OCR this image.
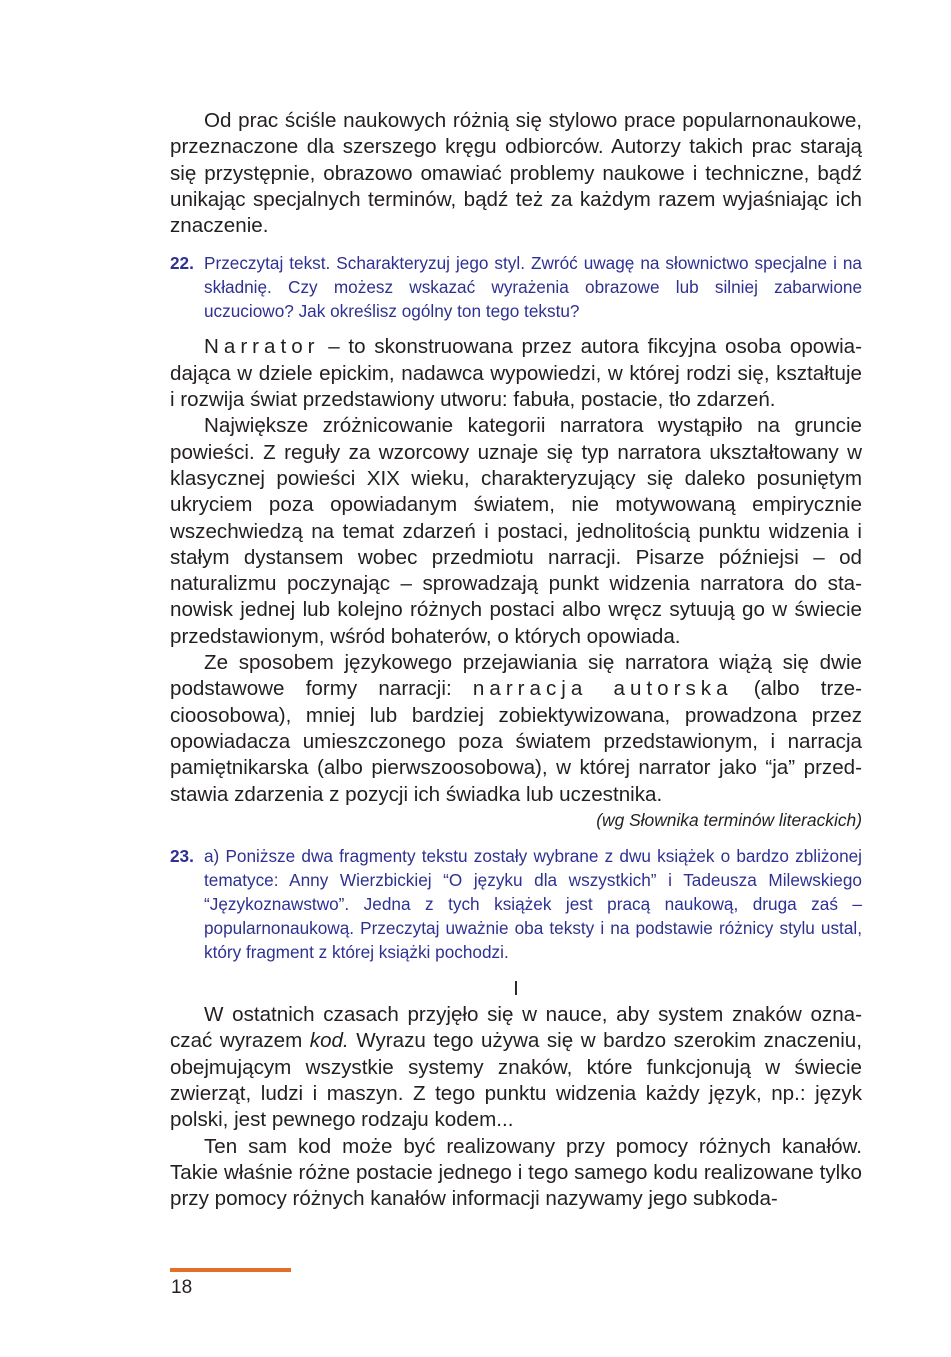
Od prac ściśle naukowych różnią się stylowo prace popularnonaukowe, przeznaczone dla szerszego kręgu odbiorców. Autorzy takich prac starają się przystępnie, obrazowo omawiać problemy naukowe i techniczne, bądź unikając specjalnych terminów, bądź też za każdym razem wyjaśniając ich znaczenie.

22. Przeczytaj tekst. Scharakteryzuj jego styl. Zwróć uwagę na słownictwo specjalne i na składnię. Czy możesz wskazać wyrażenia obrazowe lub silniej zabarwione uczuciowo? Jak określisz ogólny ton tego tekstu?

Narrator – to skonstruowana przez autora fikcyjna osoba opowiadająca w dziele epickim, nadawca wypowiedzi, w której rodzi się, kształtuje i rozwija świat przedstawiony utworu: fabuła, postacie, tło zdarzeń.

Największe zróżnicowanie kategorii narratora wystąpiło na gruncie powieści. Z reguły za wzorcowy uznaje się typ narratora ukształtowany w klasycznej powieści XIX wieku, charakteryzujący się daleko posuniętym ukryciem poza opowiadanym światem, nie motywowaną empirycznie wszechwiedzą na temat zdarzeń i postaci, jednolitością punktu widzenia i stałym dystansem wobec przedmiotu narracji. Pisarze późniejsi – od naturalizmu poczynając – sprowadzają punkt widzenia narratora do stanowisk jednej lub kolejno różnych postaci albo wręcz sytuują go w świecie przedstawionym, wśród bohaterów, o których opowiada.

Ze sposobem językowego przejawiania się narratora wiążą się dwie podstawowe formy narracji: narracja autorska (albo trzecioosobowa), mniej lub bardziej zobiektywizowana, prowadzona przez opowiadacza umieszczonego poza światem przedstawionym, i narracja pamiętnikarska (albo pierwszoosobowa), w której narrator jako “ja” przedstawia zdarzenia z pozycji ich świadka lub uczestnika.

(wg Słownika terminów literackich)

23. a) Poniższe dwa fragmenty tekstu zostały wybrane z dwu książek o bardzo zbliżonej tematyce: Anny Wierzbickiej “O języku dla wszystkich” i Tadeusza Milewskiego “Językoznawstwo”. Jedna z tych książek jest pracą naukową, druga zaś – popularnonaukową. Przeczytaj uważnie oba teksty i na podstawie różnicy stylu ustal, który fragment z której książki pochodzi.

I

W ostatnich czasach przyjęło się w nauce, aby system znaków oznaczać wyrazem kod. Wyrazu tego używa się w bardzo szerokim znaczeniu, obejmującym wszystkie systemy znaków, które funkcjonują w świecie zwierząt, ludzi i maszyn. Z tego punktu widzenia każdy język, np.: język polski, jest pewnego rodzaju kodem...

Ten sam kod może być realizowany przy pomocy różnych kanałów. Takie właśnie różne postacie jednego i tego samego kodu realizowane tylko przy pomocy różnych kanałów informacji nazywamy jego subkoda-

18
